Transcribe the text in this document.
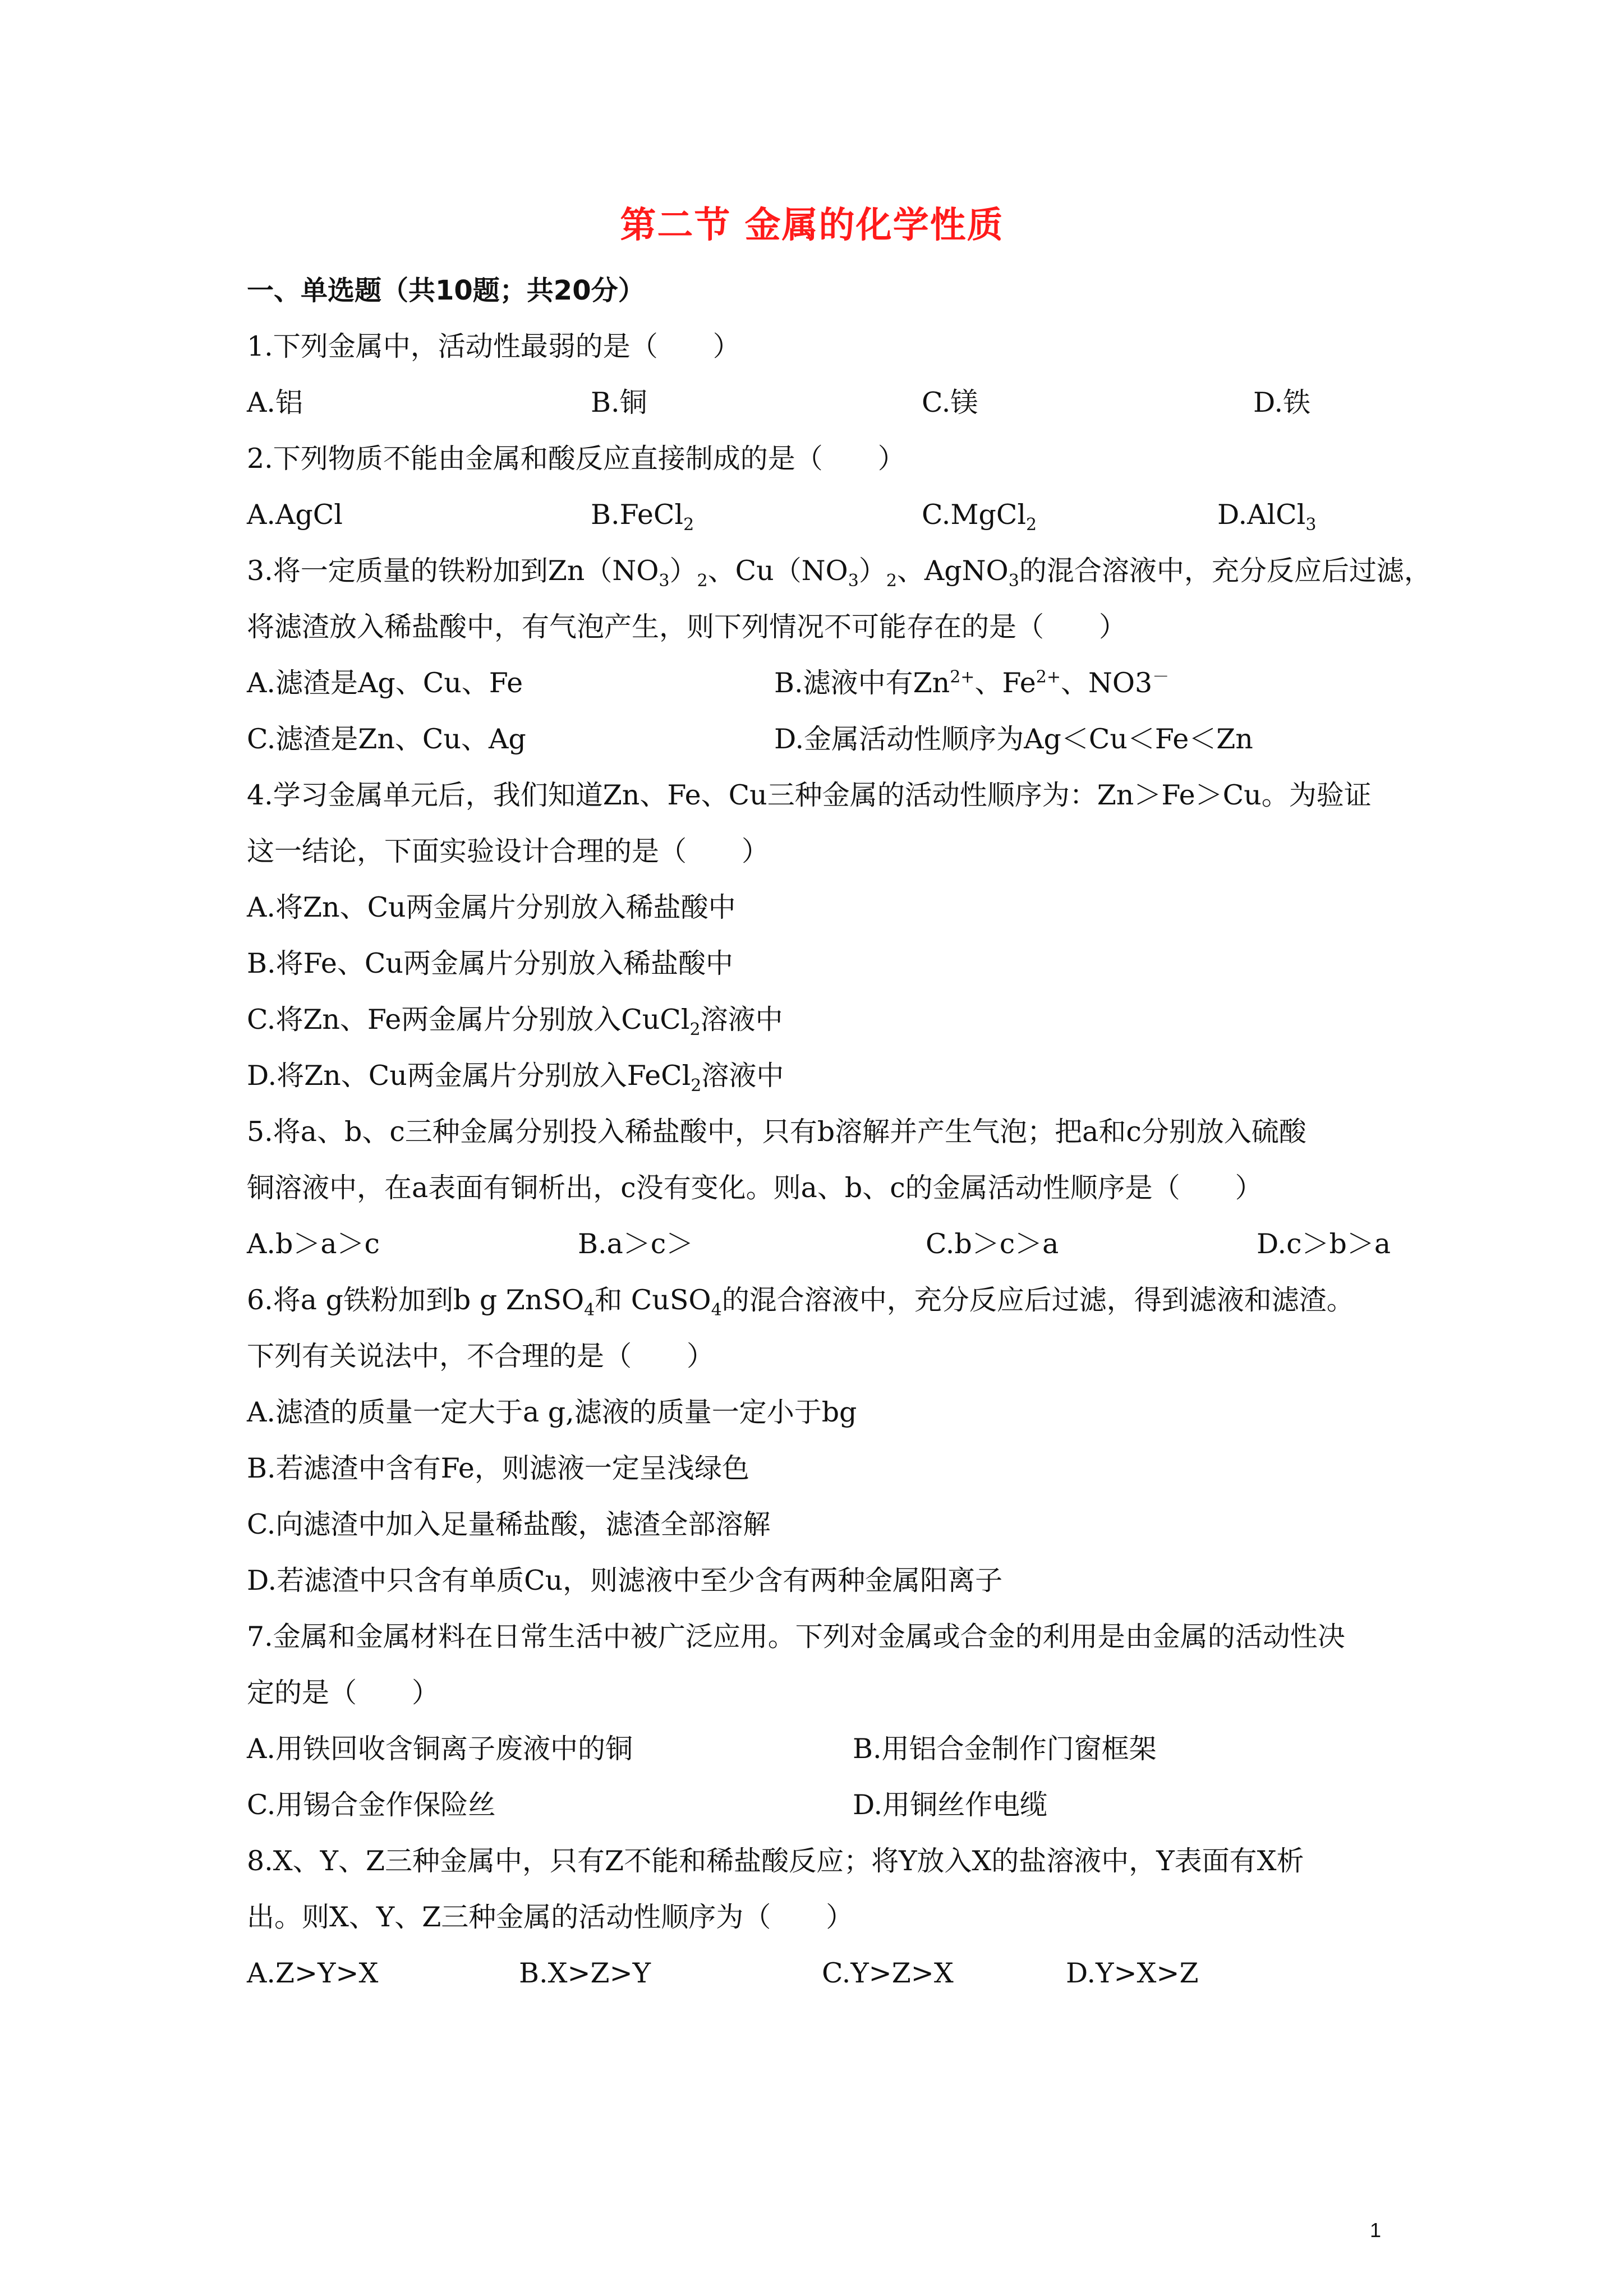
第二节 金属的化学性质
一、单选题（共10题；共20分）
1.下列金属中，活动性最弱的是（　　）
A.铝	B.铜	C.镁	D.铁
2.下列物质不能由金属和酸反应直接制成的是（　　）
A.AgCl	B.FeCl$_2$	C.MgCl$_2$	D.AlCl$_3$
3.将一定质量的铁粉加到$Zn(NO_3)_2$、$Cu(NO_3)_2$、AgNO$_3$的混合溶液中，充分反应后过滤，
将滤渣放入稀盐酸中，有气泡产生，则下列情况不可能存在的是（　　）
A.滤渣是Ag、Cu、Fe	B.滤液中有$Zn^{2+}$、$Fe^{2+}$、NO3－
C.滤渣是Zn、Cu、Ag	D.金属活动性顺序为Ag＜Cu＜Fe＜Zn
4.学习金属单元后，我们知道Zn、Fe、Cu三种金属的活动性顺序为：Zn＞Fe＞Cu。为验证
这一结论，下面实验设计合理的是（　　）
A.将Zn、Cu两金属片分别放入稀盐酸中
B.将Fe、Cu两金属片分别放入稀盐酸中
C.将Zn、Fe两金属片分别放入CuCl$_2$溶液中
D.将Zn、Cu两金属片分别放入FeCl$_2$溶液中
5.将a、b、c三种金属分别投入稀盐酸中，只有b溶解并产生气泡；把a和c分别放入硫酸
铜溶液中，在a表面有铜析出，c没有变化。则a、b、c的金属活动性顺序是（　　）
A.b＞a＞c	B.a＞c＞	C.b＞c＞a	D.c＞b＞a
6.将a g铁粉加到b g ZnSO$_4$和 CuSO$_4$的混合溶液中，充分反应后过滤，得到滤液和滤渣。
下列有关说法中，不合理的是（　　）
A.滤渣的质量一定大于a g,滤液的质量一定小于bg
B.若滤渣中含有Fe，则滤液一定呈浅绿色
C.向滤渣中加入足量稀盐酸，滤渣全部溶解
D.若滤渣中只含有单质Cu，则滤液中至少含有两种金属阳离子
7.金属和金属材料在日常生活中被广泛应用。下列对金属或合金的利用是由金属的活动性决
定的是（　　）
A.用铁回收含铜离子废液中的铜	B.用铝合金制作门窗框架
C.用锡合金作保险丝	D.用铜丝作电缆
8.X、Y、Z三种金属中，只有Z不能和稀盐酸反应；将Y放入X的盐溶液中，Y表面有X析
出。则X、Y、Z三种金属的活动性顺序为（　　）
A.Z>Y>X	B.X>Z>Y	C.Y>Z>X	D.Y>X>Z
1
